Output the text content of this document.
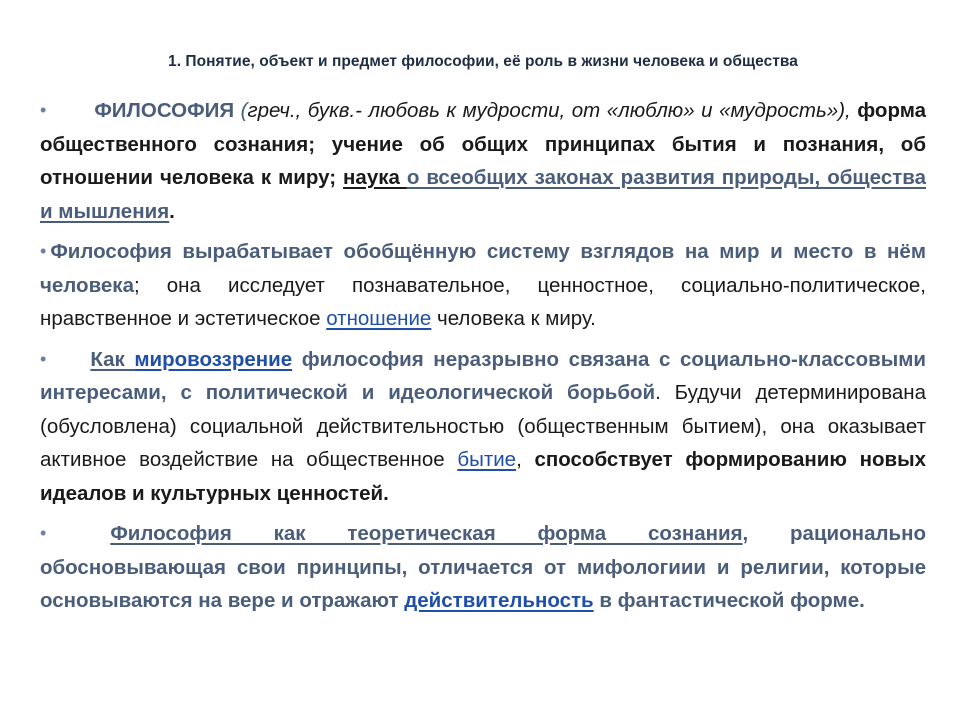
1. Понятие, объект и предмет философии, её роль в жизни человека и общества

• ФИЛОСОФИЯ (греч., букв.- любовь к мудрости, от «люблю» и «мудрость»), форма общественного сознания; учение об общих принципах бытия и познания, об отношении человека к миру; наука о всеобщих законах развития природы, общества и мышления.

• Философия вырабатывает обобщённую систему взглядов на мир и место в нём человека; она исследует познавательное, ценностное, социально-политическое, нравственное и эстетическое отношение человека к миру.

• Как мировоззрение философия неразрывно связана с социально-классовыми интересами, с политической и идеологической борьбой. Будучи детерминирована (обусловлена) социальной действительностью (общественным бытием), она оказывает активное воздействие на общественное бытие, способствует формированию новых идеалов и культурных ценностей.

•	Философия как теоретическая форма сознания, рационально обосновывающая свои принципы, отличается от мифологиии и религии, которые основываются на вере и отражают действительность в фантастической форме.
